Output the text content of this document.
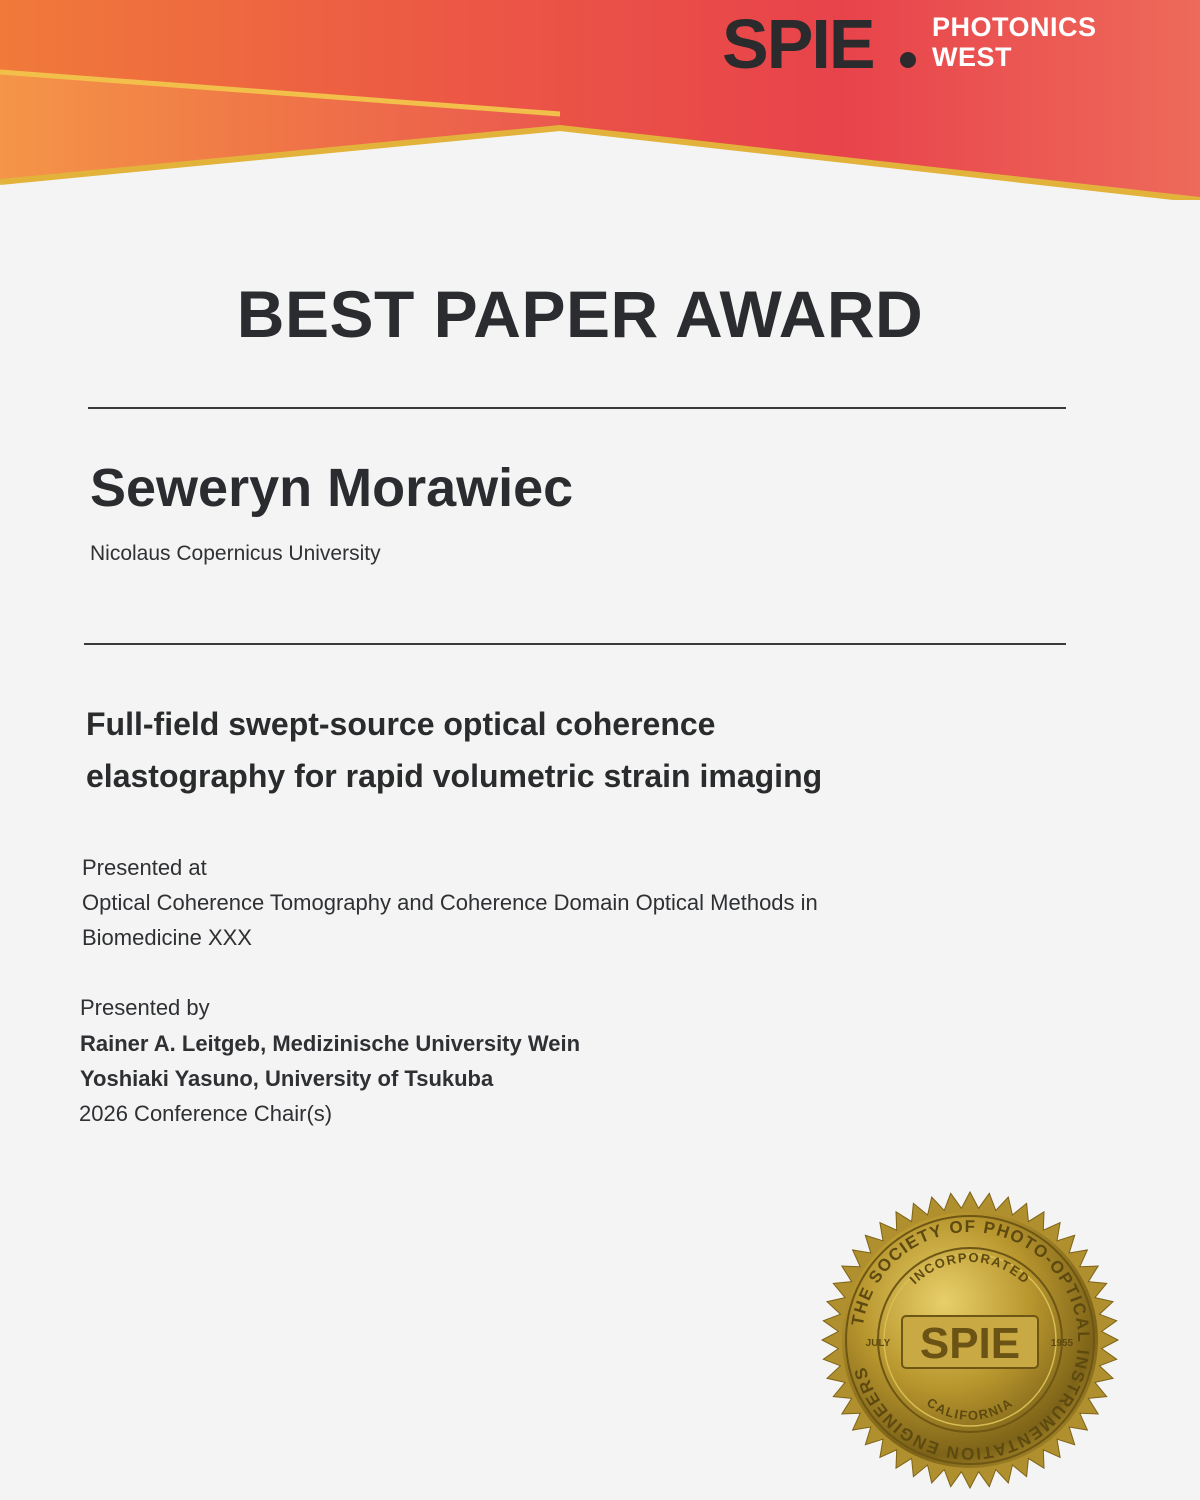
SPIE PHOTONICS
WEST
BEST PAPER AWARD
Seweryn Morawiec
Nicolaus Copernicus University
Full-field swept-source optical coherence
elastography for rapid volumetric strain imaging
Presented at
Optical Coherence Tomography and Coherence Domain Optical Methods in
Biomedicine XXX
Presented by
Rainer A. Leitgeb, Medizinische University Wein
Yoshiaki Yasuno, University of Tsukuba
2026 Conference Chair(s)
THE SOCIETY OF PHOTO-OPTICAL INSTRUMENTATION ENGINEERS
INCORPORATED
CALIFORNIA
SPIE
JULY	1955
